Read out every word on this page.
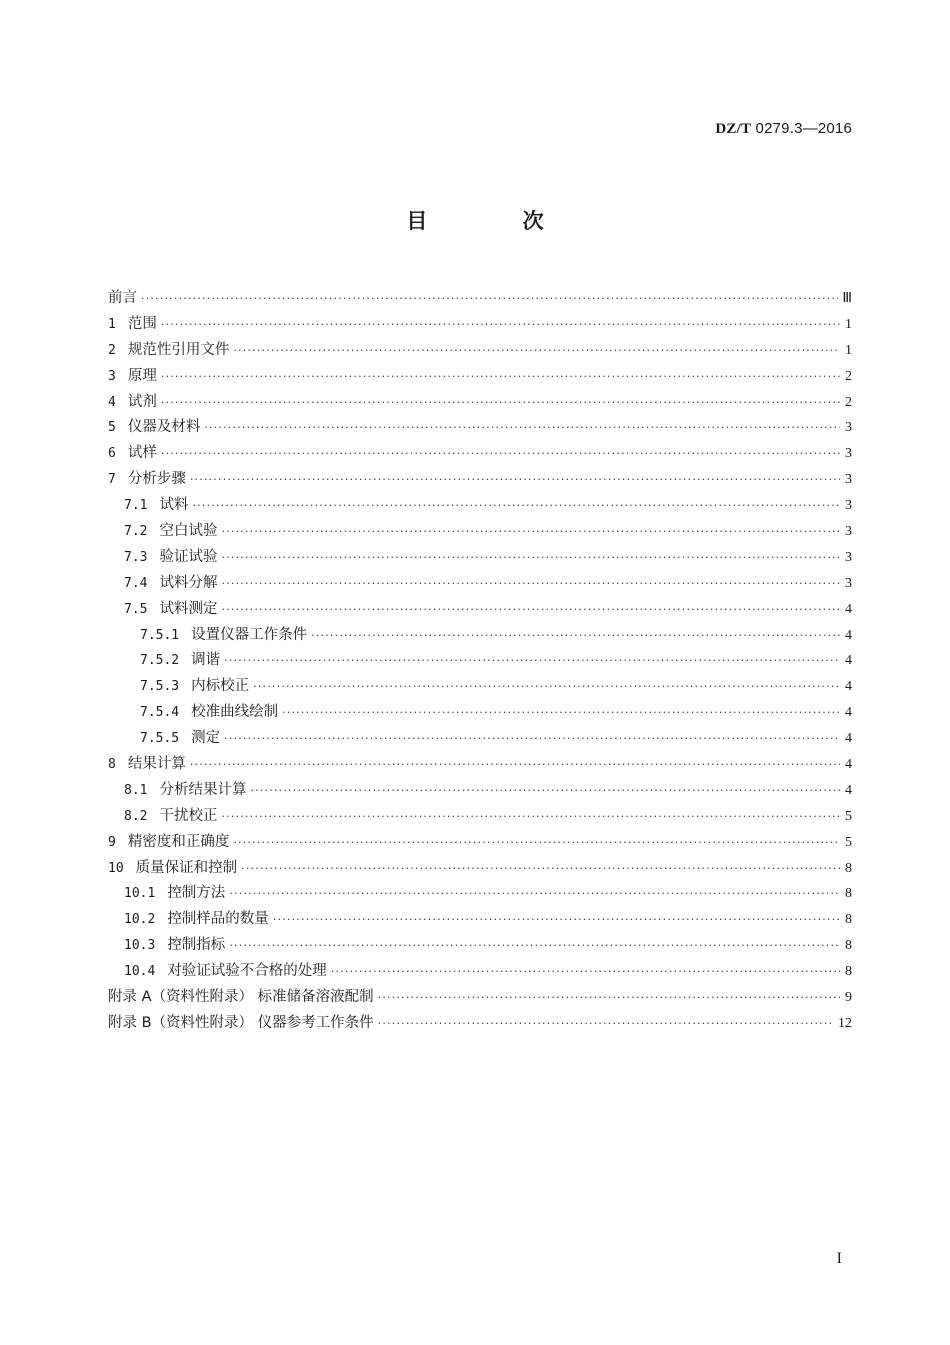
DZ/T 0279.3—2016
目 次
前言 ·····	Ⅲ
1 范围 ·····	1
2 规范性引用文件 ·····	1
3 原理 ·····	2
4 试剂 ·····	2
5 仪器及材料 ·····	3
6 试样 ·····	3
7 分析步骤 ·····	3
7.1 试料 ·····	3
7.2 空白试验 ·····	3
7.3 验证试验 ·····	3
7.4 试料分解 ·····	3
7.5 试料测定 ·····	4
7.5.1 设置仪器工作条件 ·····	4
7.5.2 调谐 ·····	4
7.5.3 内标校正 ·····	4
7.5.4 校准曲线绘制 ·····	4
7.5.5 测定 ·····	4
8 结果计算 ·····	4
8.1 分析结果计算 ·····	4
8.2 干扰校正 ·····	5
9 精密度和正确度 ·····	5
10 质量保证和控制 ·····	8
10.1 控制方法 ·····	8
10.2 控制样品的数量 ·····	8
10.3 控制指标 ·····	8
10.4 对验证试验不合格的处理 ·····	8
附录 A（资料性附录） 标准储备溶液配制 ·····	9
附录 B（资料性附录） 仪器参考工作条件 ·····	12
I
